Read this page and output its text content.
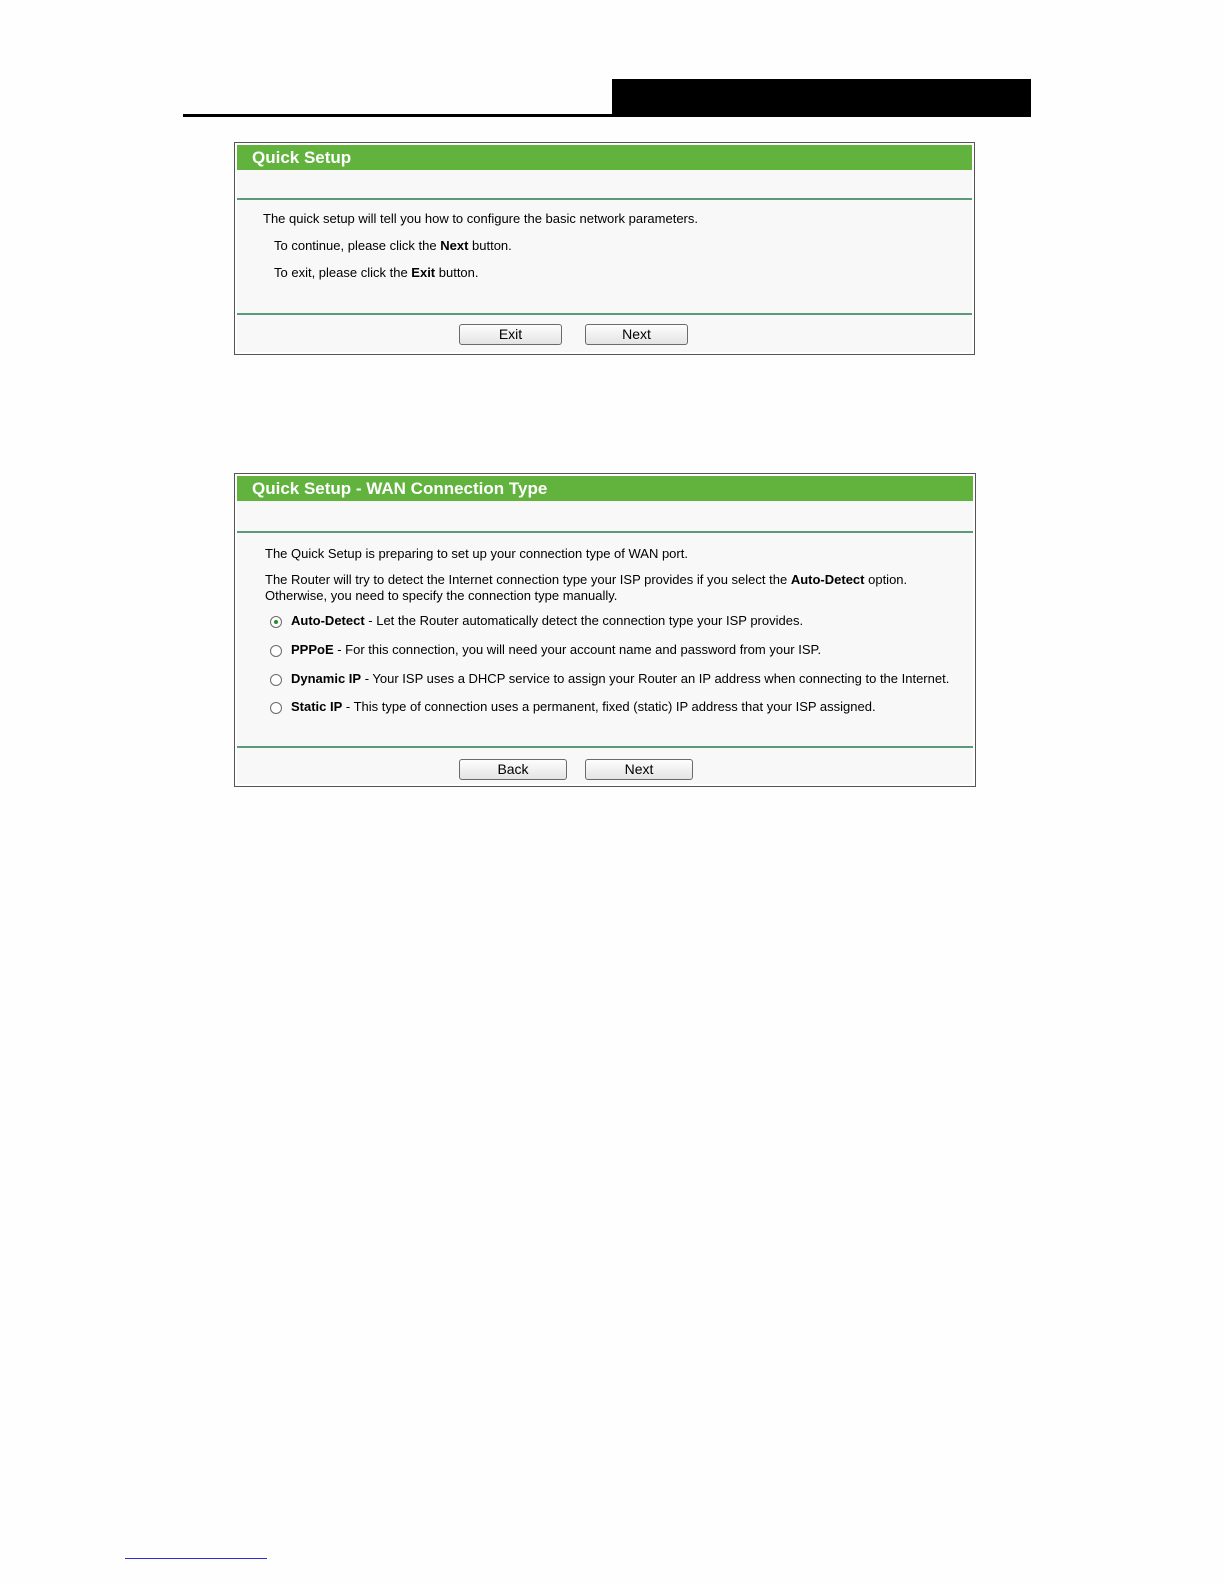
Quick Setup
The quick setup will tell you how to configure the basic network parameters.
To continue, please click the Next button.
To exit, please click the Exit button.
Exit	Next
Quick Setup - WAN Connection Type
The Quick Setup is preparing to set up your connection type of WAN port.
The Router will try to detect the Internet connection type your ISP provides if you select the Auto-Detect option.
Otherwise, you need to specify the connection type manually.
Auto-Detect - Let the Router automatically detect the connection type your ISP provides.
PPPoE - For this connection, you will need your account name and password from your ISP.
Dynamic IP - Your ISP uses a DHCP service to assign your Router an IP address when connecting to the Internet.
Static IP - This type of connection uses a permanent, fixed (static) IP address that your ISP assigned.
Back	Next
